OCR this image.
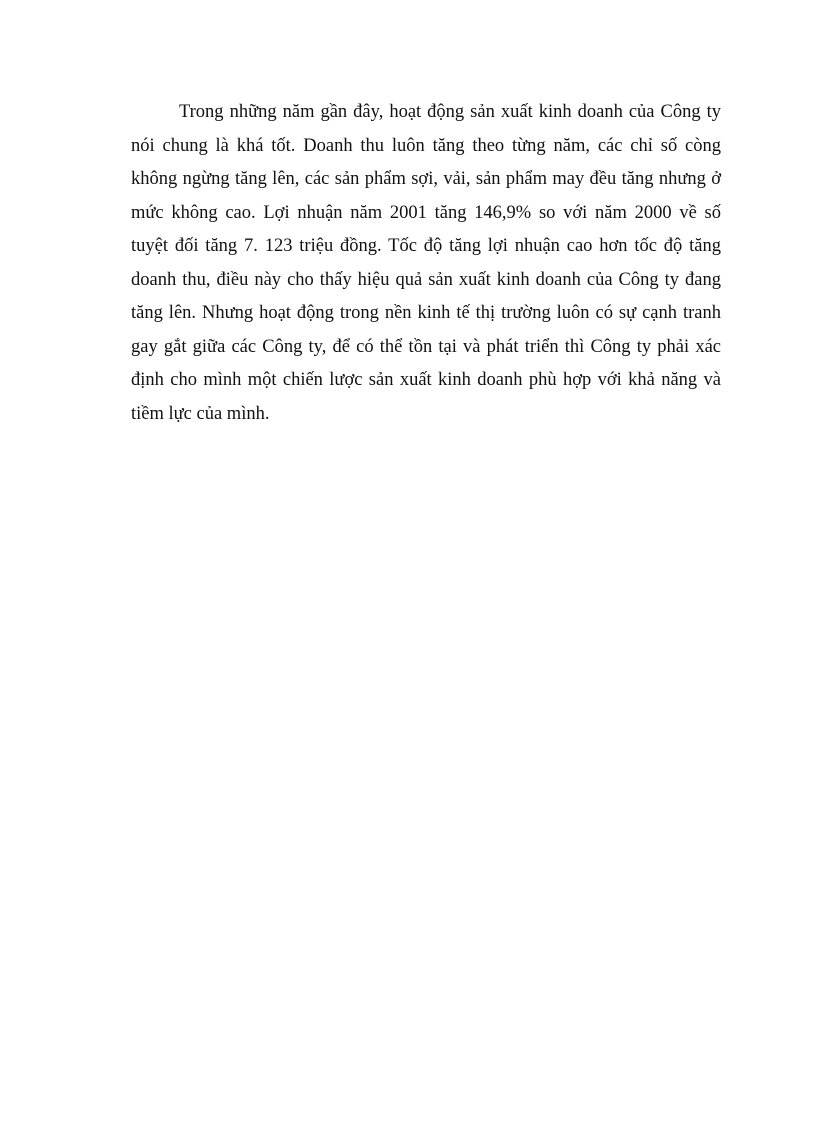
Trong những năm gần đây, hoạt động sản xuất kinh doanh của Công ty
nói chung là khá tốt. Doanh thu luôn tăng theo từng năm, các chỉ số còng
không ngừng tăng lên, các sản phẩm sợi, vải, sản phẩm may đều tăng nhưng ở
mức không cao. Lợi nhuận năm 2001 tăng 146,9% so với năm 2000 về số
tuyệt đối tăng 7. 123 triệu đồng. Tốc độ tăng lợi nhuận cao hơn tốc độ tăng
doanh thu, điều này cho thấy hiệu quả sản xuất kinh doanh của Công ty đang
tăng lên. Nhưng hoạt động trong nền kinh tế thị trường luôn có sự cạnh tranh
gay gắt giữa các Công ty, để có thể tồn tại và phát triển thì Công ty phải xác
định cho mình một chiến lược sản xuất kinh doanh phù hợp với khả năng và
tiềm lực của mình.
